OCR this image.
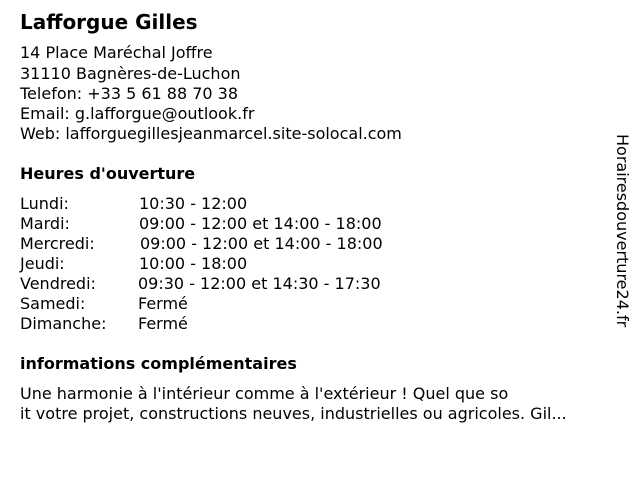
Lafforgue Gilles
14 Place Maréchal Joffre
31110 Bagnères-de-Luchon
Telefon: +33 5 61 88 70 38
Email: g.lafforgue@outlook.fr
Web: lafforguegillesjeanmarcel.site-solocal.com
Heures d'ouverture
Lundi:	10:30 - 12:00
Mardi:	09:00 - 12:00 et 14:00 - 18:00
Mercredi:	09:00 - 12:00 et 14:00 - 18:00
Jeudi:	10:00 - 18:00
Vendredi:	09:30 - 12:00 et 14:30 - 17:30
Samedi:	Fermé
Dimanche: Fermé
informations complémentaires
Une harmonie à l'intérieur comme à l'extérieur ! Quel que so
it votre projet, constructions neuves, industrielles ou agricoles. Gil...
Horairesdouverture24.fr
